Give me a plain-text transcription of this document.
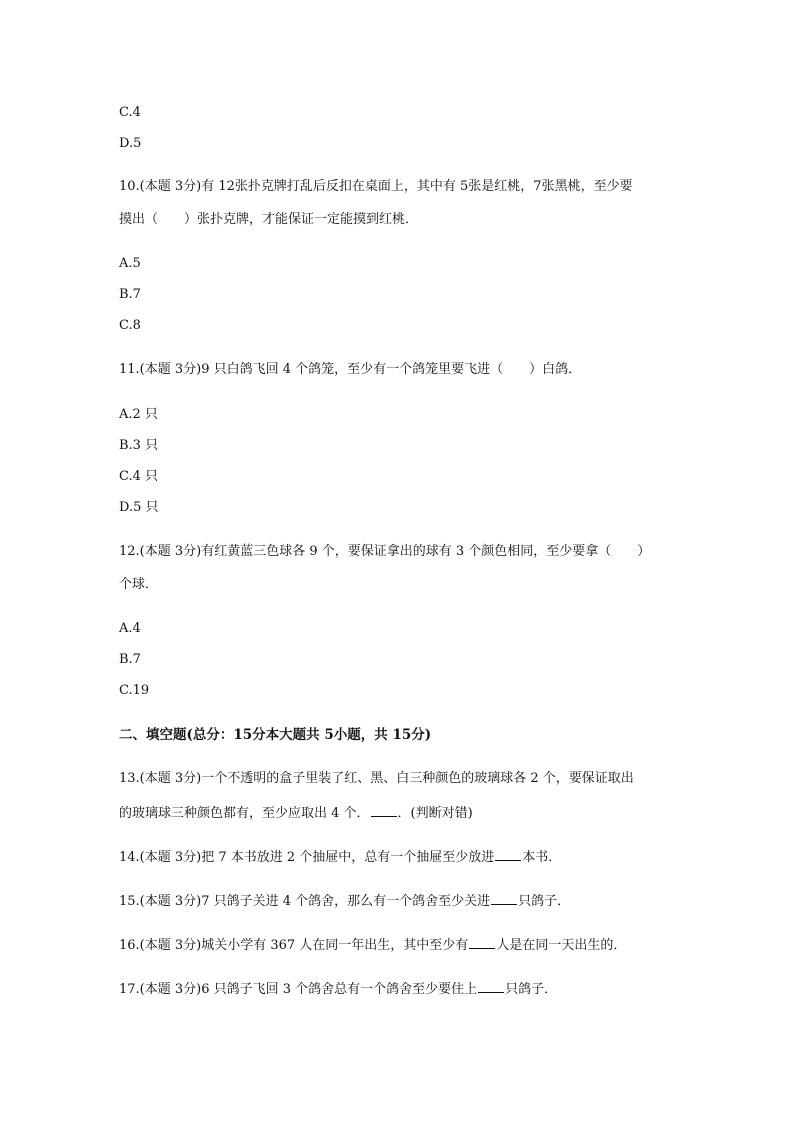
C.4
D.5
10.(本题 3分)有 12张扑克牌打乱后反扣在桌面上，其中有 5张是红桃，7张黑桃，至少要
摸出（　　）张扑克牌，才能保证一定能摸到红桃．
A.5
B.7
C.8
11.(本题 3分)9 只白鸽飞回 4 个鸽笼，至少有一个鸽笼里要飞进（　　）白鸽．
A.2 只
B.3 只
C.4 只
D.5 只
12.(本题 3分)有红黄蓝三色球各 9 个，要保证拿出的球有 3 个颜色相同，至少要拿（　　）
个球．
A.4
B.7
C.19
二、填空题(总分：15分本大题共 5小题，共 15分)
13.(本题 3分)一个不透明的盒子里装了红、黑、白三种颜色的玻璃球各 2 个，要保证取出
的玻璃球三种颜色都有，至少应取出 4 个． ．(判断对错)
14.(本题 3分)把 7 本书放进 2 个抽屉中，总有一个抽屉至少放进 本书．
15.(本题 3分)7 只鸽子关进 4 个鸽舍，那么有一个鸽舍至少关进 只鸽子．
16.(本题 3分)城关小学有 367 人在同一年出生，其中至少有 人是在同一天出生的．
17.(本题 3分)6 只鸽子飞回 3 个鸽舍总有一个鸽舍至少要住上 只鸽子．
